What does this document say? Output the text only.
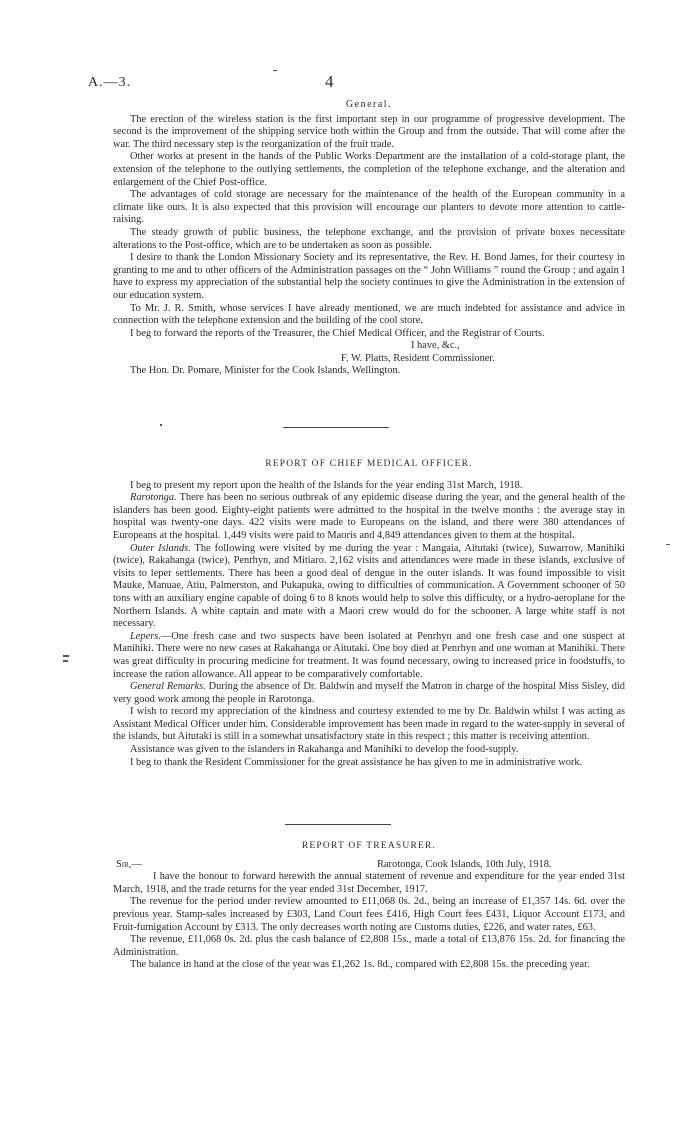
A.—3.	4

General.

The erection of the wireless station is the first important step in our programme of progressive development. The second is the improvement of the shipping service both within the Group and from the outside. That will come after the war. The third necessary step is the reorganization of the fruit trade.

Other works at present in the hands of the Public Works Department are the installation of a cold-storage plant, the extension of the telephone to the outlying settlements, the completion of the telephone exchange, and the alteration and enlargement of the Chief Post-office.

The advantages of cold storage are necessary for the maintenance of the health of the European community in a climate like ours. It is also expected that this provision will encourage our planters to devote more attention to cattle-raising.

The steady growth of public business, the telephone exchange, and the provision of private boxes necessitate alterations to the Post-office, which are to be undertaken as soon as possible.

I desire to thank the London Missionary Society and its representative, the Rev. H. Bond James, for their courtesy in granting to me and to other officers of the Administration passages on the “ John Williams ” round the Group ; and again I have to express my appreciation of the substantial help the society continues to give the Administration in the extension of our education system.

To Mr. J. R. Smith, whose services I have already mentioned, we are much indebted for assistance and advice in connection with the telephone extension and the building of the cool store.

I beg to forward the reports of the Treasurer, the Chief Medical Officer, and the Registrar of Courts.

I have, &c.,
F. W. Platts, Resident Commissioner.

The Hon. Dr. Pomare, Minister for the Cook Islands, Wellington.

REPORT OF CHIEF MEDICAL OFFICER.

I beg to present my report upon the health of the Islands for the year ending 31st March, 1918.

Rarotonga. There has been no serious outbreak of any epidemic disease during the year, and the general health of the islanders has been good. Eighty-eight patients were admitted to the hospital in the twelve months : the average stay in hospital was twenty-one days. 422 visits were made to Europeans on the island, and there were 380 attendances of Europeans at the hospital. 1,449 visits were paid to Maoris and 4,849 attendances given to them at the hospital.

Outer Islands. The following were visited by me during the year : Mangaia, Aitutaki (twice), Suwarrow, Manihiki (twice), Rakahanga (twice), Penrhyn, and Mitiaro. 2,162 visits and attendances were made in these islands, exclusive of visits to leper settlements. There has been a good deal of dengue in the outer islands. It was found impossible to visit Mauke, Manuae, Atiu, Palmerston, and Pukapuka, owing to difficulties of communication. A Government schooner of 50 tons with an auxiliary engine capable of doing 6 to 8 knots would help to solve this difficulty, or a hydro-aeroplane for the Northern Islands. A white captain and mate with a Maori crew would do for the schooner. A large white staff is not necessary.

Lepers.—One fresh case and two suspects have been isolated at Penrhyn and one fresh case and one suspect at Manihiki. There were no new cases at Rakahanga or Aitutaki. One boy died at Penrhyn and one woman at Manihiki. There was great difficulty in procuring medicine for treatment. It was found necessary, owing to increased price in foodstuffs, to increase the ration allowance. All appear to be comparatively comfortable.

General Remarks. During the absence of Dr. Baldwin and myself the Matron in charge of the hospital Miss Sisley, did very good work among the people in Rarotonga.

I wish to record my appreciation of the kindness and courtesy extended to me by Dr. Baldwin whilst I was acting as Assistant Medical Officer under him. Considerable improvement has been made in regard to the water-supply in several of the islands, but Aitutaki is still in a somewhat unsatisfactory state in this respect ; this matter is receiving attention.

Assistance was given to the islanders in Rakahanga and Manihiki to develop the food-supply.

I beg to thank the Resident Commissioner for the great assistance he has given to me in administrative work.

REPORT OF TREASURER.

Sir,—	Rarotonga, Cook Islands, 10th July, 1918.

I have the honour to forward herewith the annual statement of revenue and expenditure for the year ended 31st March, 1918, and the trade returns for the year ended 31st December, 1917.

The revenue for the period under review amounted to £11,068 0s. 2d., being an increase of £1,357 14s. 6d. over the previous year. Stamp-sales increased by £303, Land Court fees £416, High Court fees £431, Liquor Account £173, and Fruit-fumigation Account by £313. The only decreases worth noting are Customs duties, £226, and water rates, £63.

The revenue, £11,068 0s. 2d. plus the cash balance of £2,808 15s., made a total of £13,876 15s. 2d. for financing the Administration.

The balance in hand at the close of the year was £1,262 1s. 8d., compared with £2,808 15s. the preceding year.
